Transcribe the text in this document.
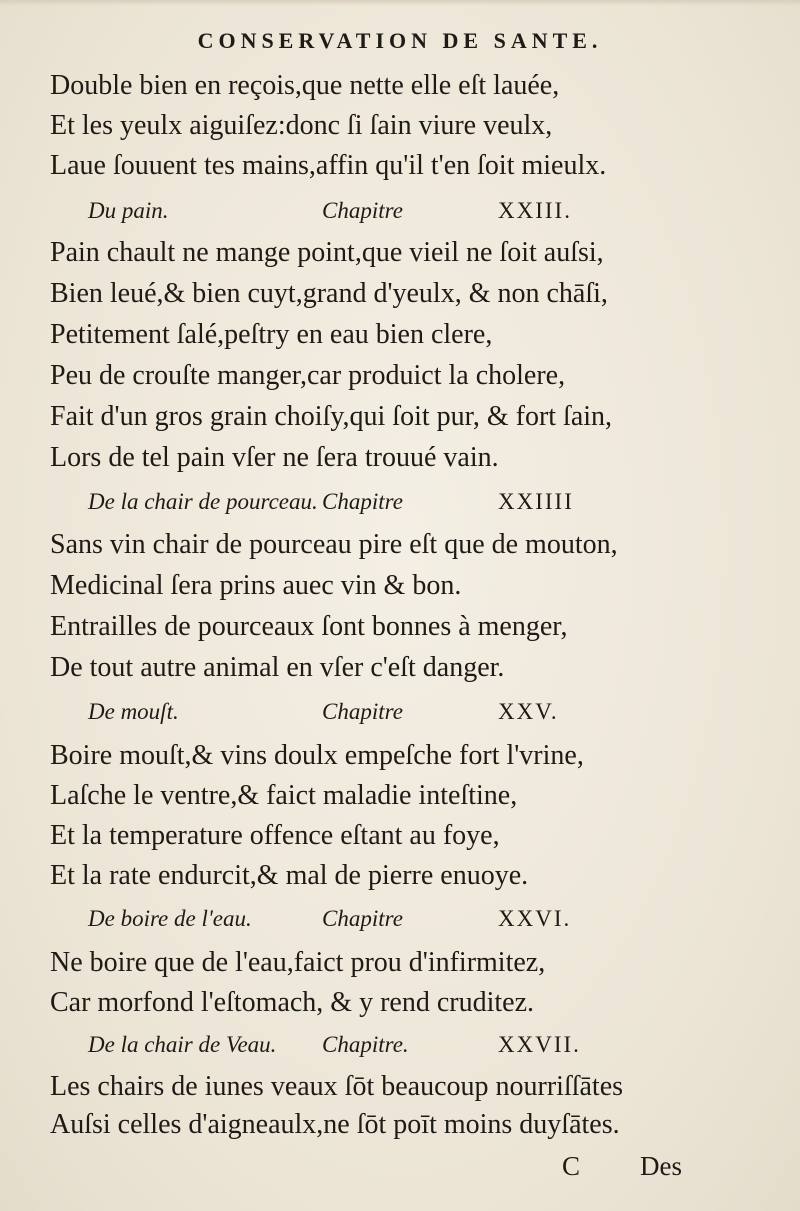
CONSERVATION DE SANTE.
Double bien en reçois,que nette elle eſt lauée,
Et les yeulx aiguiſez:donc ſi ſain viure veulx,
Laue ſouuent tes mains,affin qu'il t'en ſoit mieulx.
Du pain.	Chapitre	XXIII.
Pain chault ne mange point,que vieil ne ſoit auſsi,
Bien leué,& bien cuyt,grand d'yeulx, & non chāſi,
Petitement ſalé,peſtry en eau bien clere,
Peu de crouſte manger,car produict la cholere,
Fait d'un gros grain choiſy,qui ſoit pur, & fort ſain,
Lors de tel pain vſer ne ſera trouué vain.
De la chair de pourceau. Chapitre	XXIIII
Sans vin chair de pourceau pire eſt que de mouton,
Medicinal ſera prins auec vin & bon.
Entrailles de pourceaux ſont bonnes à menger,
De tout autre animal en vſer c'eſt danger.
De mouſt.	Chapitre	XXV.
Boire mouſt,& vins doulx empeſche fort l'vrine,
Laſche le ventre,& faict maladie inteſtine,
Et la temperature offence eſtant au foye,
Et la rate endurcit,& mal de pierre enuoye.
De boire de l'eau.	Chapitre	XXVI.
Ne boire que de l'eau,faict prou d'infirmitez,
Car morfond l'eſtomach, & y rend cruditez.
De la chair de Veau. Chapitre.	XXVII.
Les chairs de iunes veaux ſōt beaucoup nourriſſātes
Auſsi celles d'aigneaulx,ne ſōt poīt moins duyſātes.
C Des
